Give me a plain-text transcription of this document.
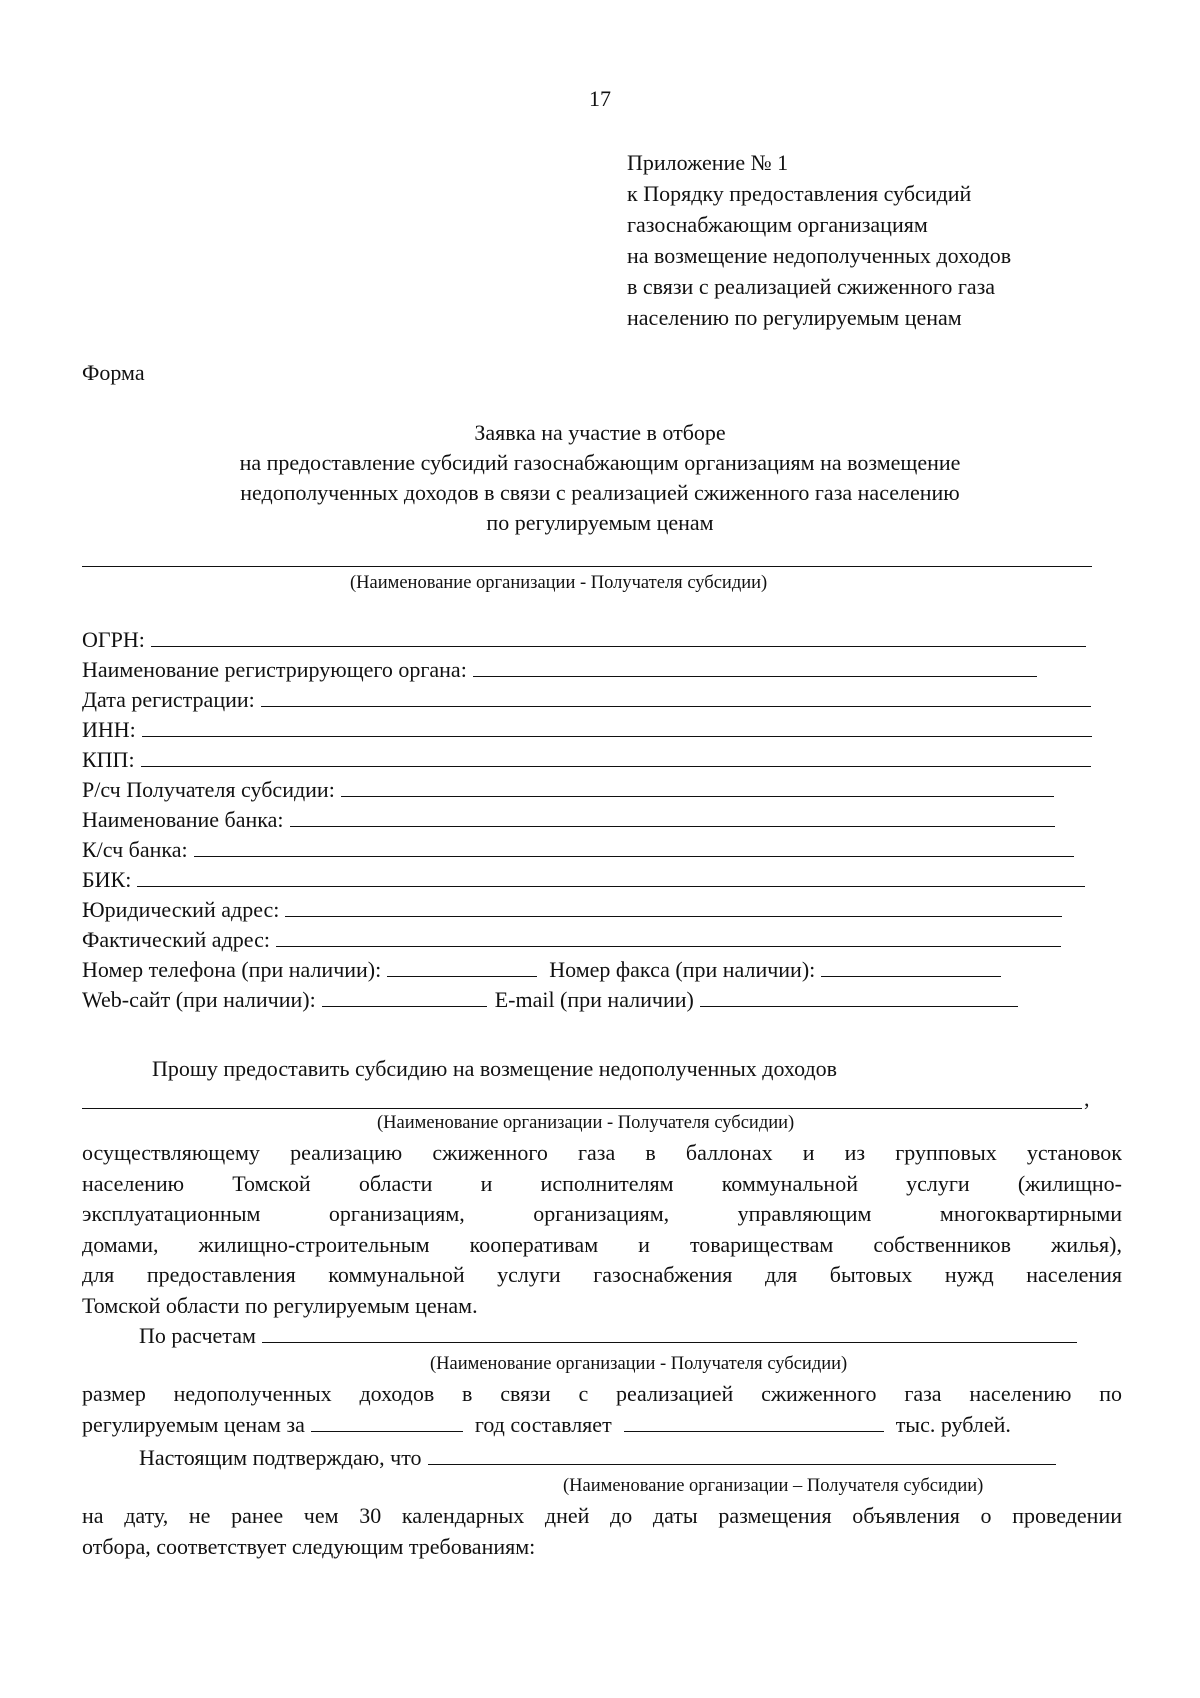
17
Приложение № 1
к Порядку предоставления субсидий
газоснабжающим организациям
на возмещение недополученных доходов
в связи с реализацией сжиженного газа
населению по регулируемым ценам
Форма
Заявка на участие в отборе
на предоставление субсидий газоснабжающим организациям на возмещение
недополученных доходов в связи с реализацией сжиженного газа населению
по регулируемым ценам
(Наименование организации - Получателя субсидии)
ОГРН:
Наименование регистрирующего органа:
Дата регистрации:
ИНН:
КПП:
Р/сч Получателя субсидии:
Наименование банка:
К/сч банка:
БИК:
Юридический адрес:
Фактический адрес:
Номер телефона (при наличии):	Номер факса (при наличии):
Web-сайт (при наличии):	E-mail (при наличии)
Прошу предоставить субсидию на возмещение недополученных доходов
,
(Наименование организации - Получателя субсидии)
осуществляющему реализацию сжиженного газа в баллонах и из групповых установок
населению Томской области и исполнителям коммунальной услуги (жилищно-
эксплуатационным организациям, организациям, управляющим многоквартирными
домами, жилищно-строительным кооперативам и товариществам собственников жилья),
для предоставления коммунальной услуги газоснабжения для бытовых нужд населения
Томской области по регулируемым ценам.
По расчетам
(Наименование организации - Получателя субсидии)
размер недополученных доходов в связи с реализацией сжиженного газа населению по
регулируемым ценам за	год составляет	тыс. рублей.
Настоящим подтверждаю, что
(Наименование организации – Получателя субсидии)
на дату, не ранее чем 30 календарных дней до даты размещения объявления о проведении
отбора, соответствует следующим требованиям:
